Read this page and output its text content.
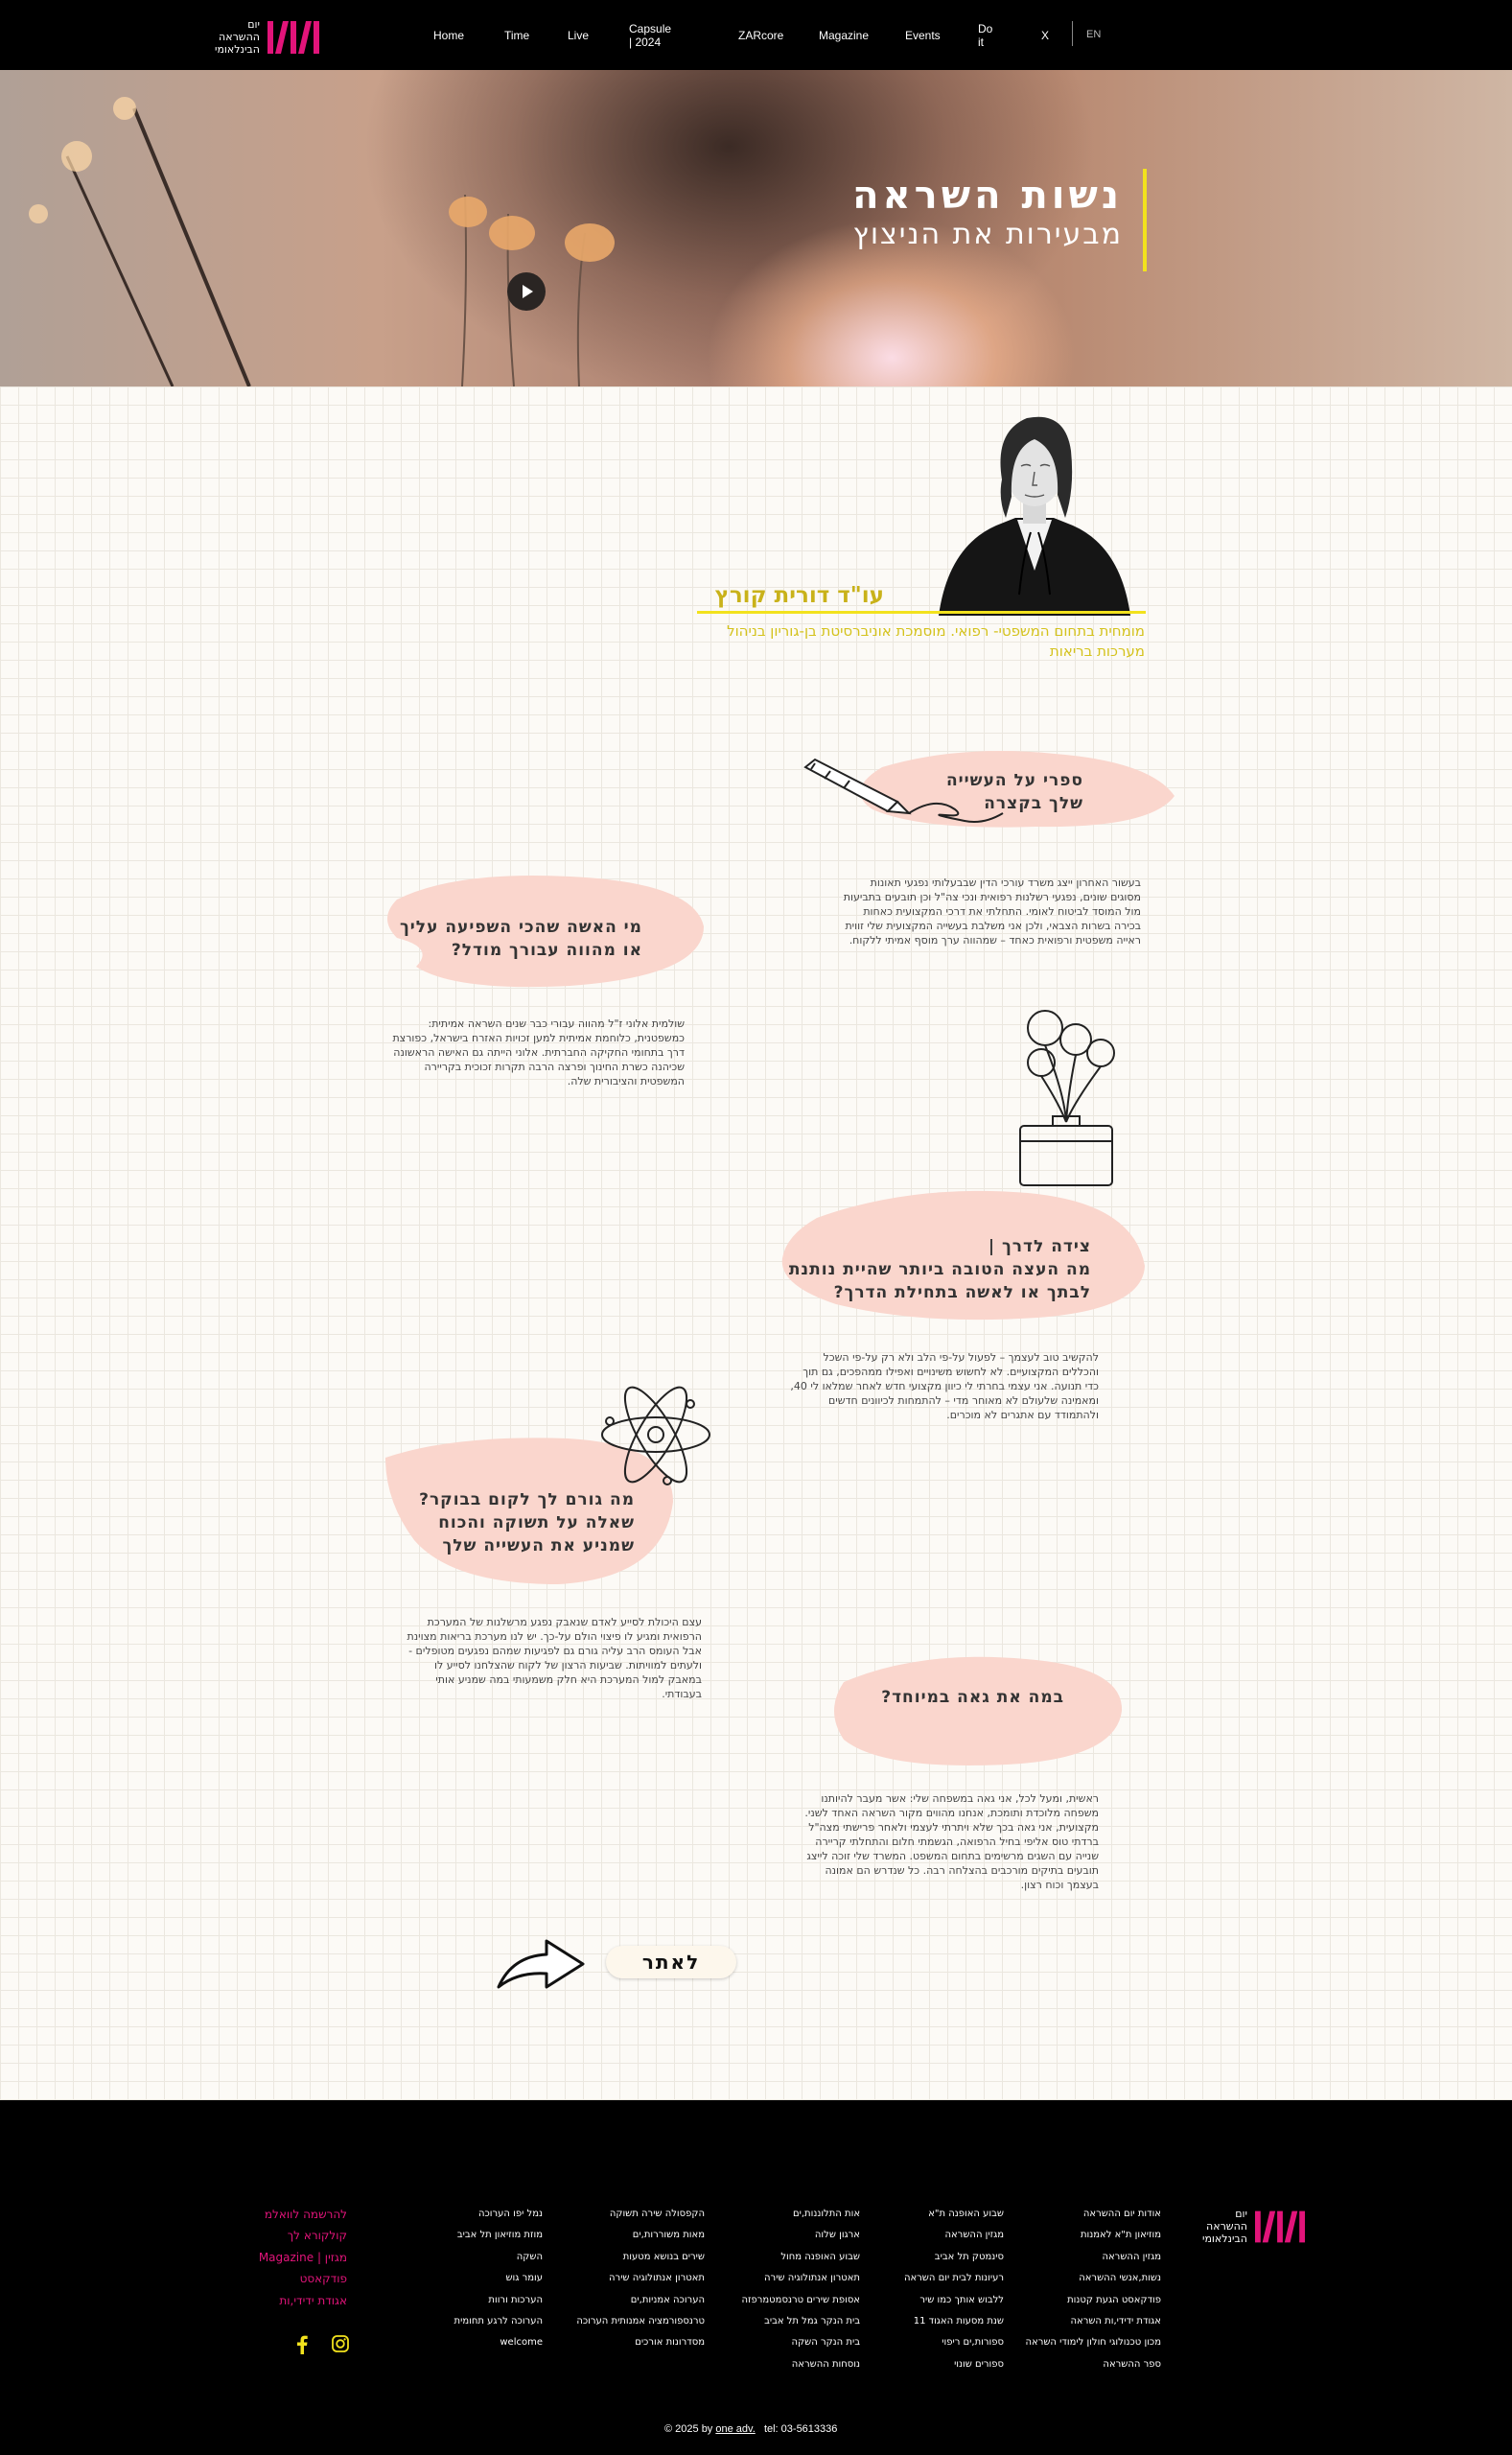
יום
ההשראה
הבינלאומי
Home	Time	Live	Capsule | 2024	ZARcore	Magazine	Events	Do it	X	EN
נשות השראה
מבעירות את הניצוץ
עו"ד דורית קורץ
מומחית בתחום המשפטי- רפואי. מוסמכת אוניברסיטת בן-גוריון בניהול מערכות בריאות
ספרי על העשייה
שלך בקצרה
בעשור האחרון ייצג משרד עורכי הדין שבבעלותי נפגעי תאונות מסוגים שונים, נפגעי רשלנות רפואית ונכי צה"ל וכן תובעים בתביעות מול המוסד לביטוח לאומי. התחלתי את דרכי המקצועית כאחות בכירה בשרות הצבאי, ולכן אני משלבת בעשייה המקצועית שלי זווית ראייה משפטית ורפואית כאחד – שמהווה ערך מוסף אמיתי ללקוח.
מי האשה שהכי השפיעה עליך
או מהווה עבורך מודל?
שולמית אלוני ז"ל מהווה עבורי כבר שנים השראה אמיתית: כמשפטנית, כלוחמת אמיתית למען זכויות האזרח בישראל, כפורצת דרך בתחומי החקיקה החברתית. אלוני הייתה גם האישה הראשונה שכיהנה כשרת החינוך ופרצה הרבה תקרות זכוכית בקריירה המשפטית והציבורית שלה.
צידה לדרך |
מה העצה הטובה ביותר שהיית נותנת
לבתך או לאשה בתחילת הדרך?
להקשיב טוב לעצמך – לפעול על-פי הלב ולא רק על-פי השכל והכללים המקצועיים. לא לחשוש משינויים ואפילו ממהפכים, גם תוך כדי תנועה. אני עצמי בחרתי לי כיוון מקצועי חדש לאחר שמלאו לי 40, ומאמינה שלעולם לא מאוחר מדי – להתמחות לכיוונים חדשים ולהתמודד עם אתגרים לא מוכרים.
מה גורם לך לקום בבוקר?
שאלה על תשוקה והכוח
שמניע את העשייה שלך
עצם היכולת לסייע לאדם שנאבק נפגע מרשלנות של המערכת הרפואית ומגיע לו פיצוי הולם על-כך. יש לנו מערכת בריאות מצוינת אבל העומס הרב עליה גורם גם לפגיעות שמהם נפגעים מטופלים - ולעתים למוויתות. שביעות הרצון של לקוח שהצלחנו לסייע לו במאבק למול המערכת היא חלק משמעותי במה שמניע אותי בעבודתי.	במה את גאה במיוחד?
ראשית, ומעל לכל, אני גאה במשפחה שלי: אשר מעבר להיותנו משפחה מלוכדת ותומכת, אנחנו מהווים מקור השראה האחד לשני. מקצועית, אני גאה בכך שלא ויתרתי לעצמי ולאחר פרישתי מצה"ל ברדתי טוס אליפי בחיל הרפואה, הגשמתי חלום והתחלתי קריירה שנייה עם השגים מרשימים בתחום המשפט. המשרד שלי זוכה לייצג תובעים בתיקים מורכבים בהצלחה רבה. כל שנדרש הם אמונה בעצמך וכוח רצון.
לאתר
יום
ההשראה
הבינלאומי
אודות יום ההשראה
מוזיאון ת"א לאמנות
מגזין ההשראה
נשות,אנשי ההשראה
פודקאסט הגעת קטנות
אגודת ידידי,ות השראה
מכון טכנולוגי חולון לימודי השראה
ספר ההשראה
שבוע האופנה ת"א
מגזין ההשראה
סינמטק תל אביב
רעיונות לבית יום השראה
ללבוש אותך כמו שיר
שנת מסעות האגוד 11
ספורות,ים ריפוי
ספורים שונוי
אות התלוננות,ים
ארגון שלוה
שבוע האופנה מחול
תאטרון אנתולוגיה שירה
אסופת שירים טרנסמטמרפזה
בית הנקר גמל תל אביב
בית הנקר השקה
נוסחות ההשראה
הקפסולה שירה תשוקה
מאות משוררות,ים
שירים בנושא מטעות
תאטרון אנתולוגיה שירה
הערוכה אמניות,ים
טרנספורמציה אמנותית הערוכה
מסדרונות אורכים
נמל יפו הערוכה
מוזת מוזיאון תל אביב
השקה
עומר גוש
הערכות ורוות
הערוכה לרגע תחומית
welcome
להרשמה לוואלמ
קולקורא לך
מגזין | Magazine
פודקאסט
אגודת ידידי,ות
© 2025 by one adv. tel: 03-5613336
